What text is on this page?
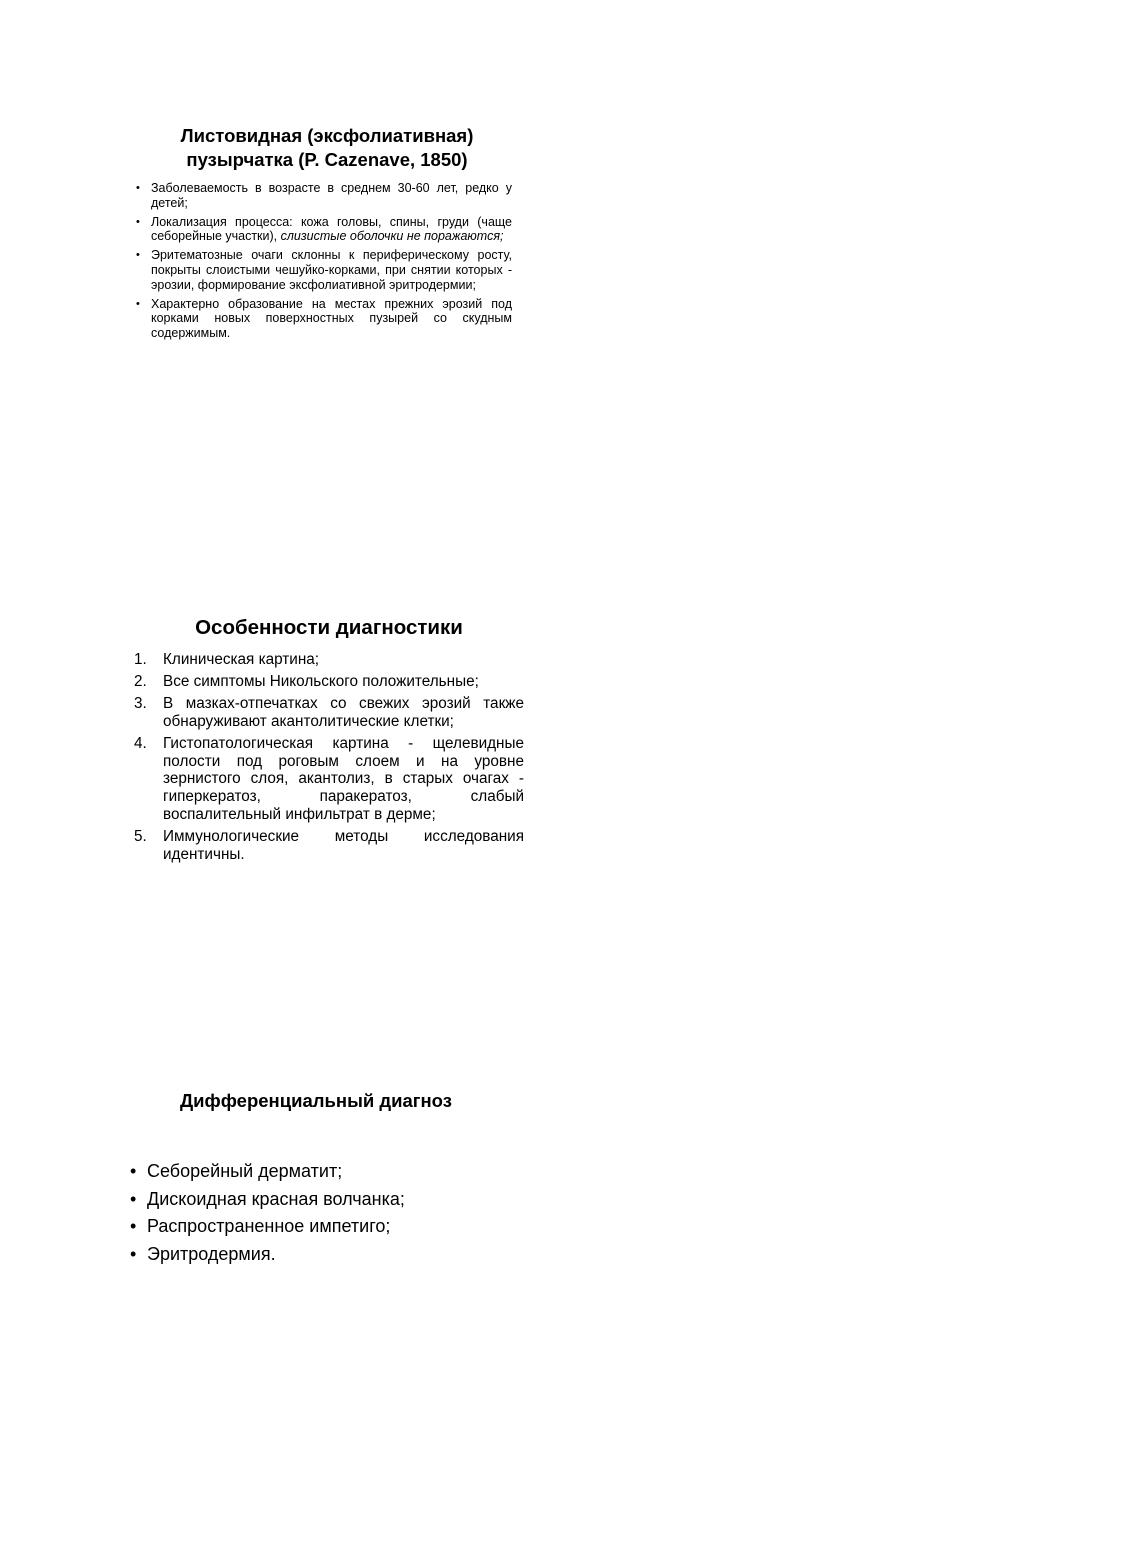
Листовидная (эксфолиативная)
пузырчатка (P. Cazenave, 1850)
• Заболеваемость в возрасте в среднем 30-60 лет, редко у детей;
• Локализация процесса: кожа головы, спины, груди (чаще себорейные участки), слизистые оболочки не поражаются;
• Эритематозные очаги склонны к периферическому росту, покрыты слоистыми чешуйко-корками, при снятии которых - эрозии, формирование эксфолиативной эритродермии;
• Характерно образование на местах прежних эрозий под корками новых поверхностных пузырей со скудным содержимым.
Особенности диагностики
1. Клиническая картина;
2. Все симптомы Никольского положительные;
3. В мазках-отпечатках со свежих эрозий также обнаруживают акантолитические клетки;
4. Гистопатологическая картина - щелевидные полости под роговым слоем и на уровне зернистого слоя, акантолиз, в старых очагах - гиперкератоз, паракератоз, слабый воспалительный инфильтрат в дерме;
5. Иммунологические методы исследования идентичны.
Дифференциальный диагноз
• Себорейный дерматит;
• Дискоидная красная волчанка;
• Распространенное импетиго;
• Эритродермия.
